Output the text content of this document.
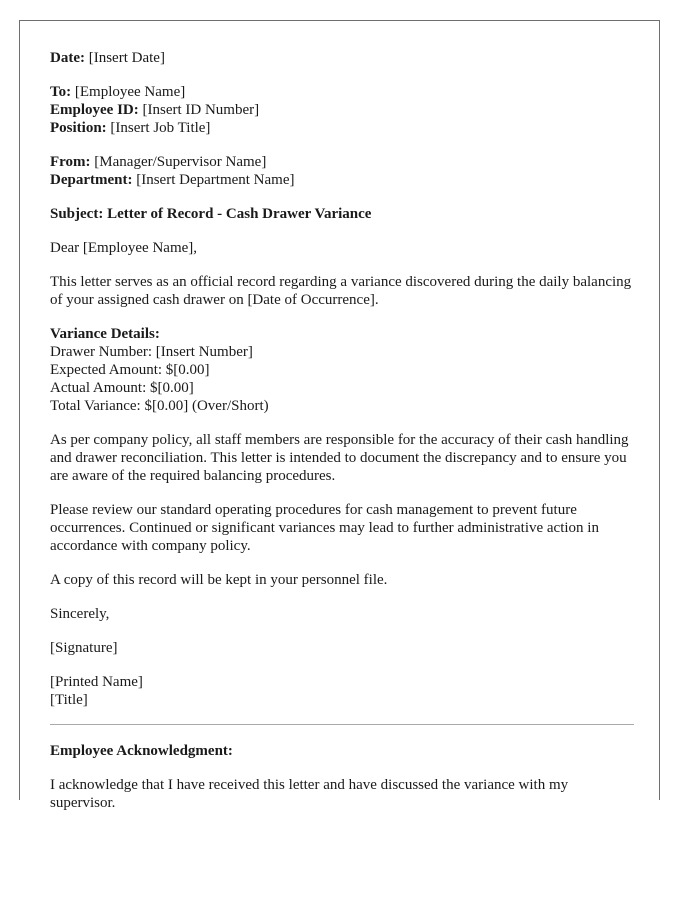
Date: [Insert Date]
To: [Employee Name]
Employee ID: [Insert ID Number]
Position: [Insert Job Title]
From: [Manager/Supervisor Name]
Department: [Insert Department Name]
Subject: Letter of Record - Cash Drawer Variance
Dear [Employee Name],
This letter serves as an official record regarding a variance discovered during the daily balancing of your assigned cash drawer on [Date of Occurrence].
Variance Details:
Drawer Number: [Insert Number]
Expected Amount: $[0.00]
Actual Amount: $[0.00]
Total Variance: $[0.00] (Over/Short)
As per company policy, all staff members are responsible for the accuracy of their cash handling and drawer reconciliation. This letter is intended to document the discrepancy and to ensure you are aware of the required balancing procedures.
Please review our standard operating procedures for cash management to prevent future occurrences. Continued or significant variances may lead to further administrative action in accordance with company policy.
A copy of this record will be kept in your personnel file.
Sincerely,
[Signature]
[Printed Name]
[Title]
Employee Acknowledgment:
I acknowledge that I have received this letter and have discussed the variance with my supervisor.
